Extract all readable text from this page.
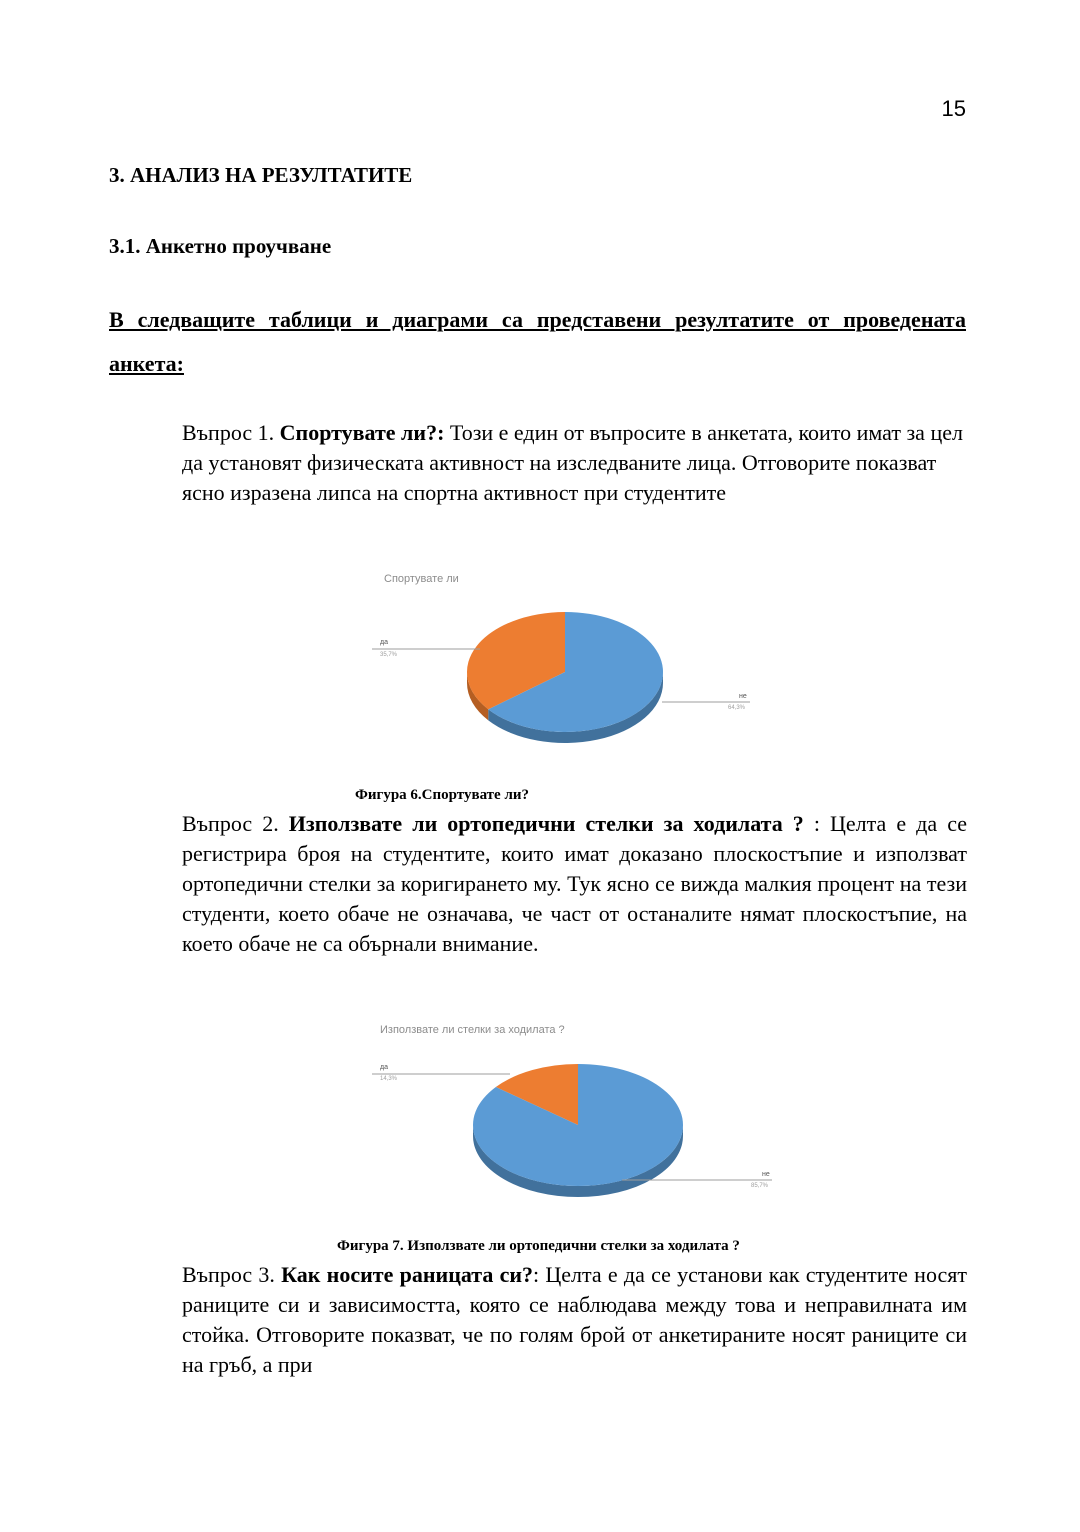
15
3. АНАЛИЗ НА РЕЗУЛТАТИТЕ
3.1. Анкетно проучване

В следващите таблици и диаграми са представени резултатите от проведената анкета:

Въпрос 1. Спортувате ли?: Този е един от въпросите в анкетата, които имат за цел да установят физическата активност на изследваните лица. Отговорите показват ясно изразена липса на спортна активност при студентите

Спортувате ли
да
35,7%
не
64,3%

Фигура 6.Спортувате ли?

Въпрос 2. Използвате ли ортопедични стелки за ходилата ? : Целта е да се регистрира броя на студентите, които имат доказано плоскостъпие и използват ортопедични стелки за коригирането му. Тук ясно се вижда малкия процент на тези студенти, което обаче не означава, че част от останалите нямат плоскостъпие, на което обаче не са обърнали внимание.

Използвате ли стелки за ходилата ?
да
14,3%
не
85,7%

Фигура 7. Използвате ли ортопедични стелки за ходилата ?

Въпрос 3. Как носите раницата си?: Целта е да се установи как студентите носят раниците си и зависимостта, която се наблюдава между това и неправилната им стойка. Отговорите показват, че по голям брой от анкетираните носят раниците си на гръб, а при
